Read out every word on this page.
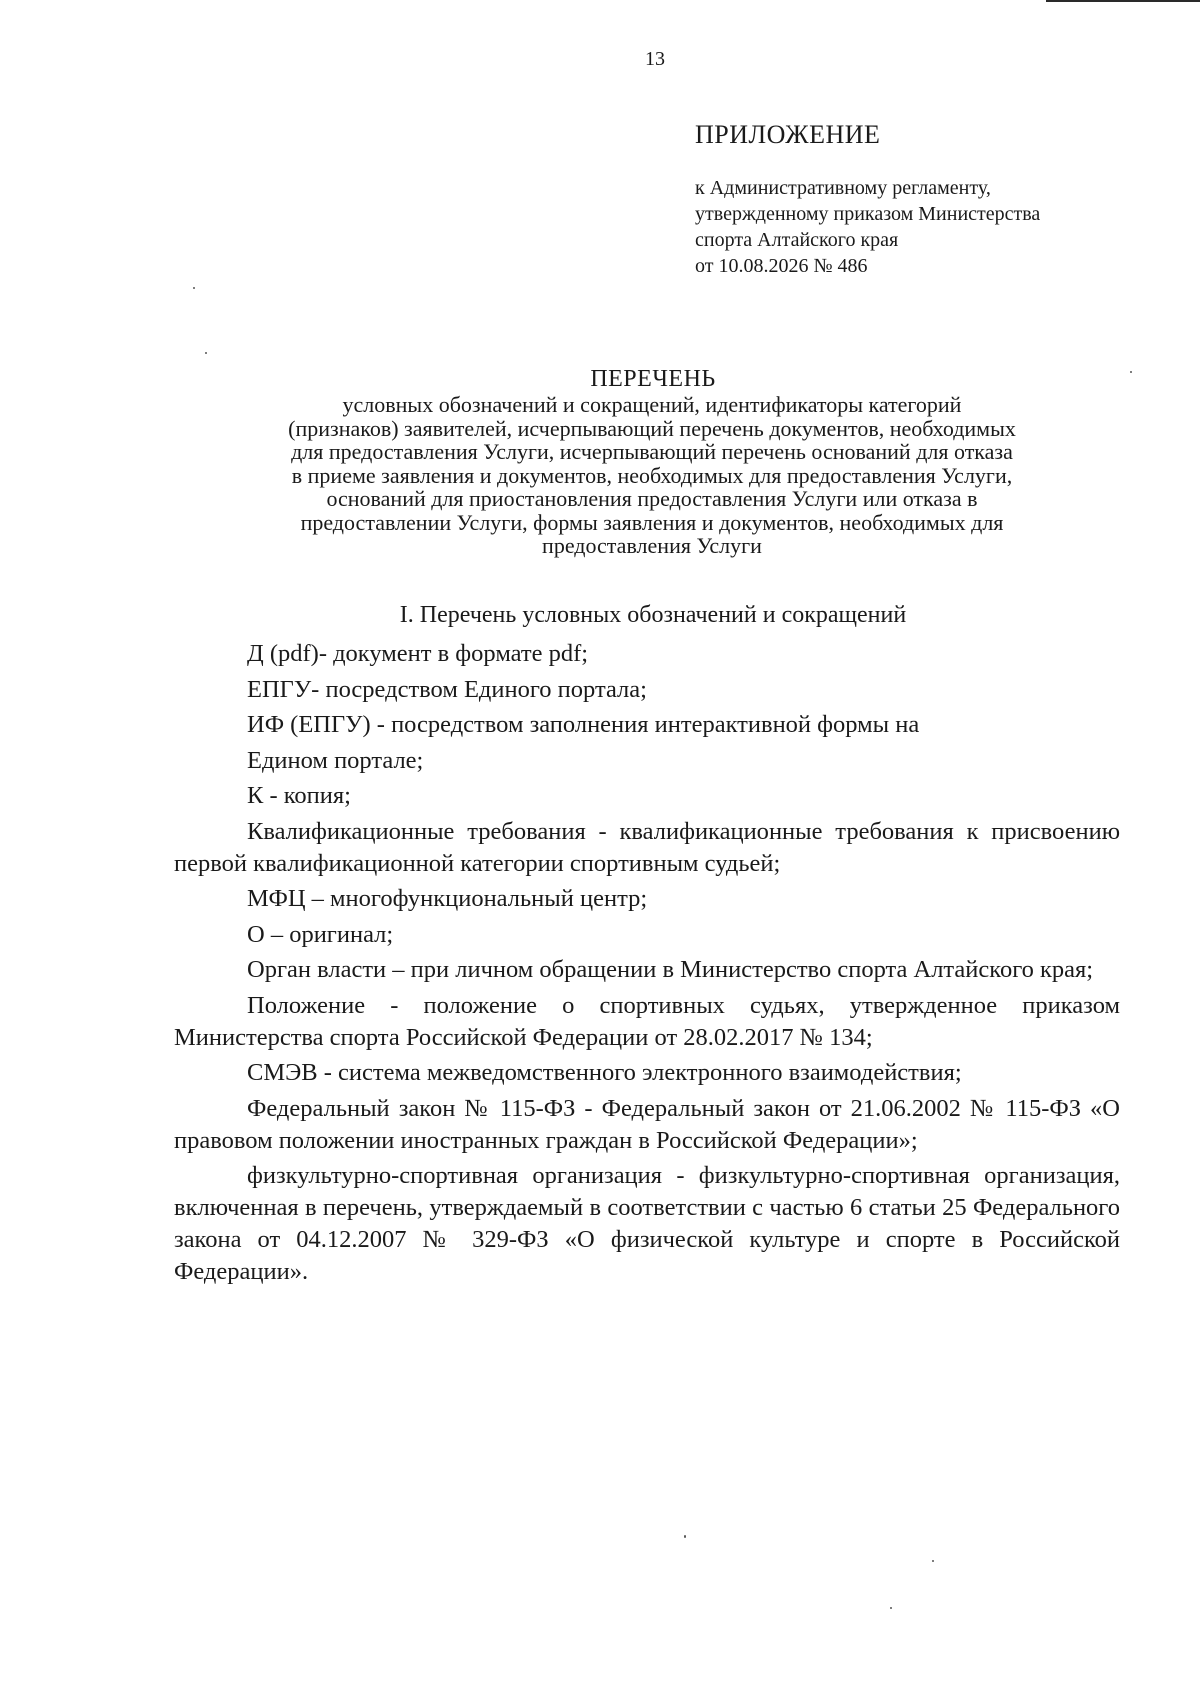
13
ПРИЛОЖЕНИЕ
к Административному регламенту,
утвержденному приказом Министерства
спорта Алтайского края
от 10.08.2026 № 486
ПЕРЕЧЕНЬ
условных обозначений и сокращений, идентификаторы категорий
(признаков) заявителей, исчерпывающий перечень документов, необходимых
для предоставления Услуги, исчерпывающий перечень оснований для отказа
в приеме заявления и документов, необходимых для предоставления Услуги,
оснований для приостановления предоставления Услуги или отказа в
предоставлении Услуги, формы заявления и документов, необходимых для
предоставления Услуги
I. Перечень условных обозначений и сокращений

Д (pdf)- документ в формате pdf;

ЕПГУ- посредством Единого портала;

ИФ (ЕПГУ) - посредством заполнения интерактивной формы на

Едином портале;

К - копия;

Квалификационные требования - квалификационные требования к присвоению первой квалификационной категории спортивным судьей;

МФЦ – многофункциональный центр;

О – оригинал;

Орган власти – при личном обращении в Министерство спорта Алтайского края;

Положение - положение о спортивных судьях, утвержденное приказом Министерства спорта Российской Федерации от 28.02.2017 № 134;

СМЭВ - система межведомственного электронного взаимодействия;

Федеральный закон № 115-ФЗ - Федеральный закон от 21.06.2002 № 115-ФЗ «О правовом положении иностранных граждан в Российской Федерации»;

физкультурно-спортивная организация - физкультурно-спортивная организация, включенная в перечень, утверждаемый в соответствии с частью 6 статьи 25 Федерального закона от 04.12.2007 № 329-ФЗ «О физической культуре и спорте в Российской Федерации».
